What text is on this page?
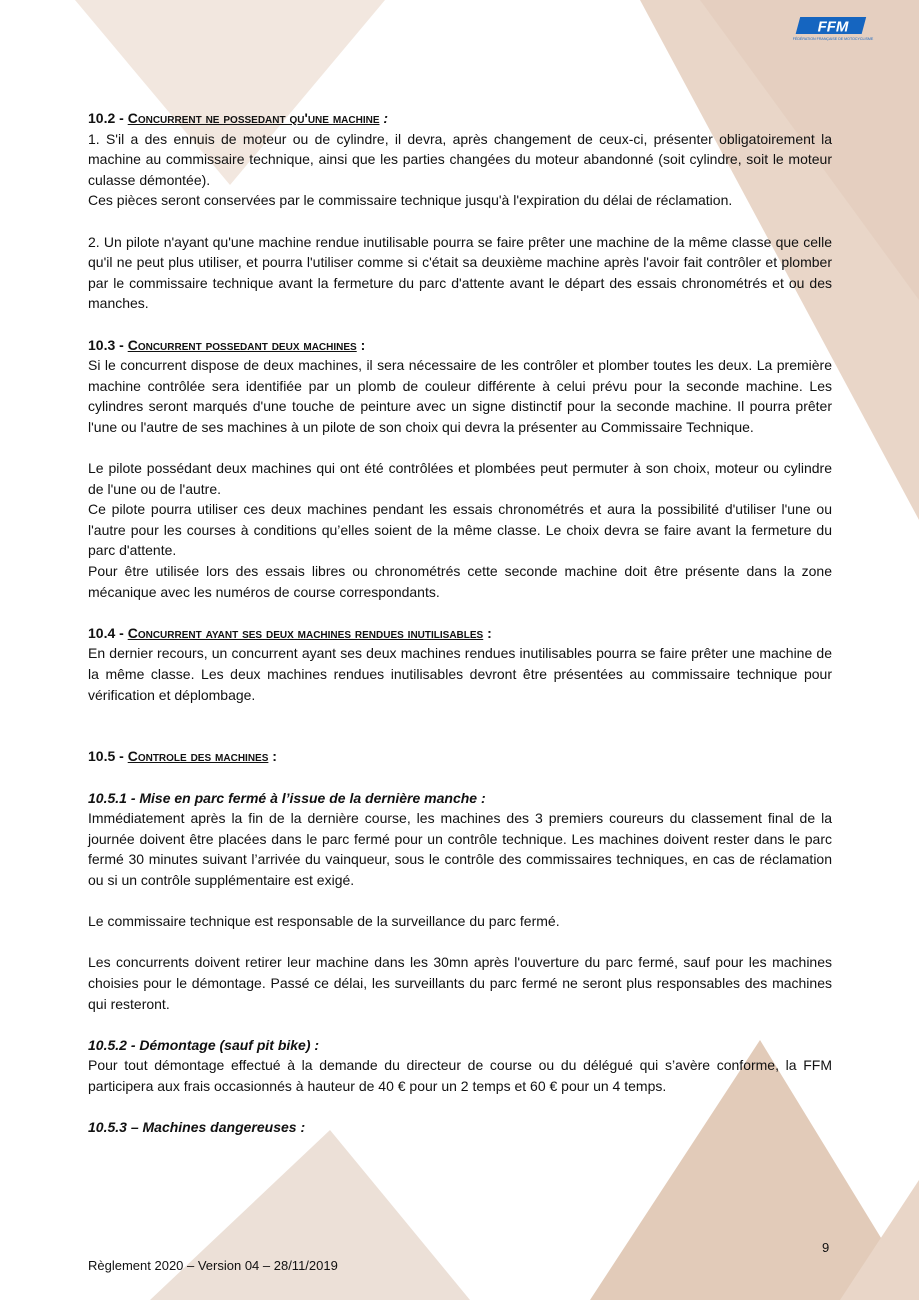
FFM
FÉDÉRATION FRANÇAISE DE MOTOCYCLISME

10.2 - Concurrent ne possedant qu'une machine :

1. S'il a des ennuis de moteur ou de cylindre, il devra, après changement de ceux-ci, présenter obligatoirement la machine au commissaire technique, ainsi que les parties changées du moteur abandonné (soit cylindre, soit le moteur culasse démontée).

Ces pièces seront conservées par le commissaire technique jusqu'à l'expiration du délai de réclamation.

2. Un pilote n'ayant qu'une machine rendue inutilisable pourra se faire prêter une machine de la même classe que celle qu'il ne peut plus utiliser, et pourra l'utiliser comme si c'était sa deuxième machine après l'avoir fait contrôler et plomber par le commissaire technique avant la fermeture du parc d'attente avant le départ des essais chronométrés et ou des manches.

10.3 - Concurrent possedant deux machines :

Si le concurrent dispose de deux machines, il sera nécessaire de les contrôler et plomber toutes les deux. La première machine contrôlée sera identifiée par un plomb de couleur différente à celui prévu pour la seconde machine. Les cylindres seront marqués d'une touche de peinture avec un signe distinctif pour la seconde machine. Il pourra prêter l'une ou l'autre de ses machines à un pilote de son choix qui devra la présenter au Commissaire Technique.

Le pilote possédant deux machines qui ont été contrôlées et plombées peut permuter à son choix, moteur ou cylindre de l'une ou de l'autre.

Ce pilote pourra utiliser ces deux machines pendant les essais chronométrés et aura la possibilité d'utiliser l'une ou l'autre pour les courses à conditions qu’elles soient de la même classe. Le choix devra se faire avant la fermeture du parc d'attente.

Pour être utilisée lors des essais libres ou chronométrés cette seconde machine doit être présente dans la zone mécanique avec les numéros de course correspondants.

10.4 - Concurrent ayant ses deux machines rendues inutilisables :

En dernier recours, un concurrent ayant ses deux machines rendues inutilisables pourra se faire prêter une machine de la même classe. Les deux machines rendues inutilisables devront être présentées au commissaire technique pour vérification et déplombage.

10.5 - Controle des machines :

10.5.1 - Mise en parc fermé à l’issue de la dernière manche :

Immédiatement après la fin de la dernière course, les machines des 3 premiers coureurs du classement final de la journée doivent être placées dans le parc fermé pour un contrôle technique. Les machines doivent rester dans le parc fermé 30 minutes suivant l’arrivée du vainqueur, sous le contrôle des commissaires techniques, en cas de réclamation ou si un contrôle supplémentaire est exigé.

Le commissaire technique est responsable de la surveillance du parc fermé.

Les concurrents doivent retirer leur machine dans les 30mn après l'ouverture du parc fermé, sauf pour les machines choisies pour le démontage. Passé ce délai, les surveillants du parc fermé ne seront plus responsables des machines qui resteront.

10.5.2 - Démontage (sauf pit bike) :

Pour tout démontage effectué à la demande du directeur de course ou du délégué qui s’avère conforme, la FFM participera aux frais occasionnés à hauteur de 40 € pour un 2 temps et 60 € pour un 4 temps.

10.5.3 – Machines dangereuses :

9
Règlement 2020 – Version 04 – 28/11/2019
